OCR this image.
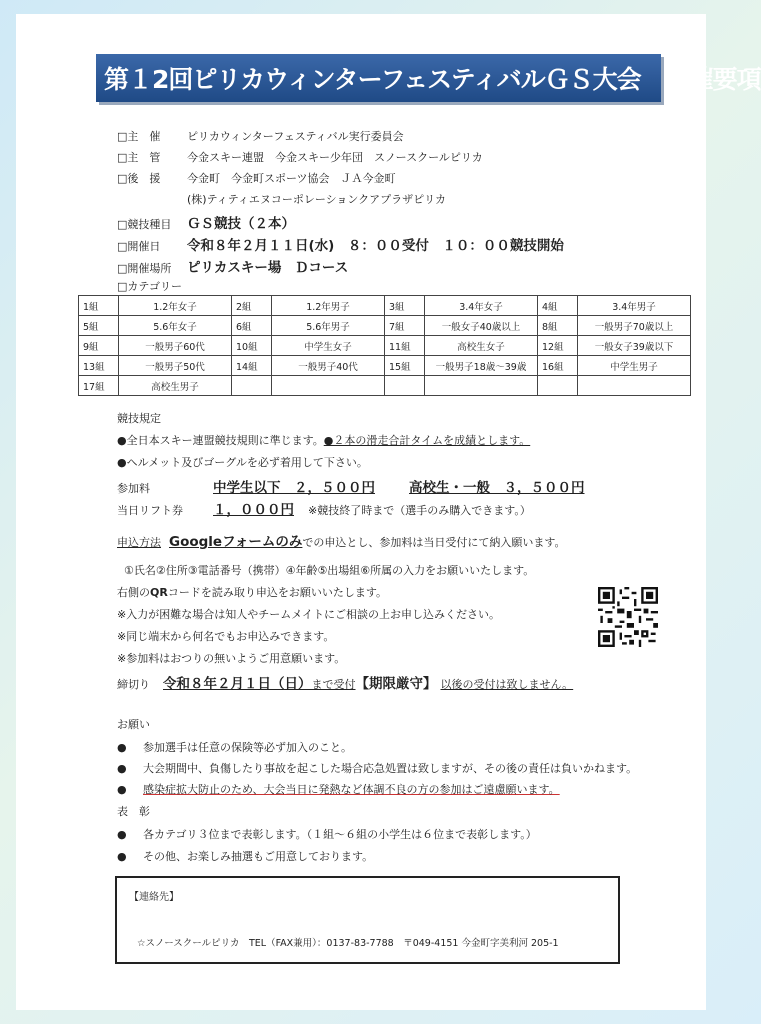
第１2回ピリカウィンターフェスティバルＧＳ大会　開催要項
□主　催 ピリカウィンターフェスティバル実行委員会
□主　管 今金スキー連盟　今金スキー少年団　スノースクールピリカ
□後　援 今金町　今金町スポーツ協会　ＪＡ今金町
(株)ティティエヌコーポレーションクアプラザピリカ
□競技種目 ＧＳ競技（２本）
□開催日 令和８年２月１１日(水)　８：００受付　１０：００競技開始
□開催場所 ピリカスキー場　Ｄコース
□カテゴリー
1組	1.2年女子	2組	1.2年男子	3組	3.4年女子	4組	3.4年男子
5組	5.6年女子	6組	5.6年男子	7組	一般女子40歳以上	8組	一般男子70歳以上
9組	一般男子60代	10組	中学生女子	11組	高校生女子	12組	一般女子39歳以下
13組	一般男子50代	14組	一般男子40代	15組	一般男子18歳～39歳	16組	中学生男子
17組	高校生男子						
競技規定
●全日本スキー連盟競技規則に準じます。●２本の滑走合計タイムを成績とします。
●ヘルメット及びゴーグルを必ず着用して下さい。
参加料	中学生以下　２，５００円	高校生・一般　３，５００円
当日リフト券 １，０００円 ※競技終了時まで（選手のみ購入できます。）
申込方法 Googleフォームのみでの申込とし、参加料は当日受付にて納入願います。
①氏名②住所③電話番号（携帯）④年齢⑤出場組⑥所属の入力をお願いいたします。
右側のQRコードを読み取り申込をお願いいたします。
※入力が困難な場合は知人やチームメイトにご相談の上お申し込みください。
※同じ端末から何名でもお申込みできます。
※参加料はおつりの無いようご用意願います。
締切り 令和８年２月１日（日）まで受付【期限厳守】 以後の受付は致しません。
お願い
● 参加選手は任意の保険等必ず加入のこと。
● 大会期間中、負傷したり事故を起こした場合応急処置は致しますが、その後の責任は負いかねます。
● 感染症拡大防止のため、大会当日に発熱など体調不良の方の参加はご遠慮願います。
表　彰
● 各カテゴリ３位まで表彰します。（１組～６組の小学生は６位まで表彰します。）
● その他、お楽しみ抽選もご用意しております。
【連絡先】
☆スノースクールピリカ　TEL（FAX兼用）：0137-83-7788　〒049-4151 今金町字美利河 205-1
